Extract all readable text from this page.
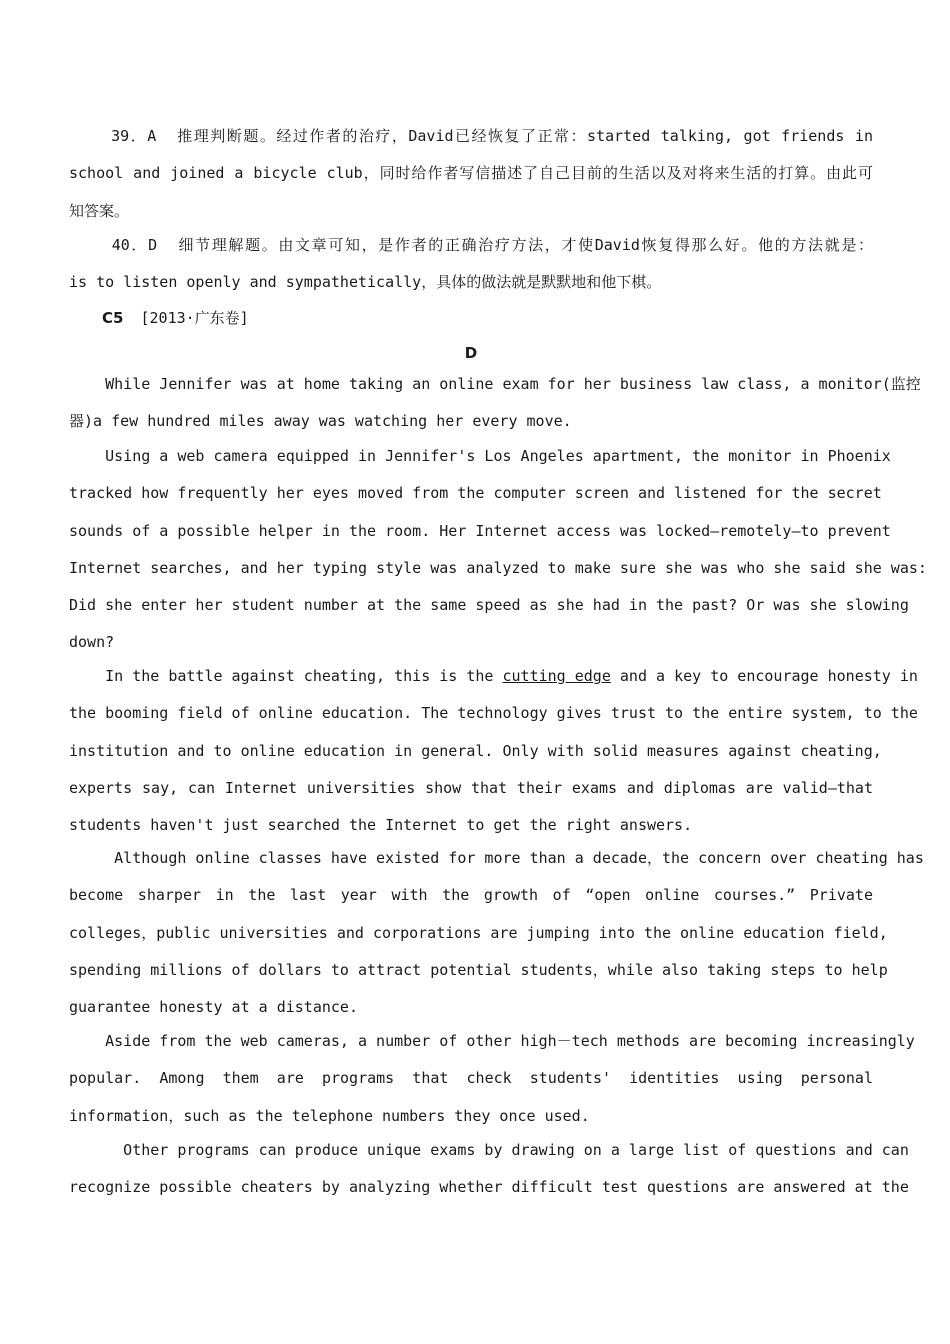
39．A  推理判断题。经过作者的治疗，David已经恢复了正常：started talking, got friends in
school and joined a bicycle club，同时给作者写信描述了自己目前的生活以及对将来生活的打算。由此可
知答案。
40．D  细节理解题。由文章可知，是作者的正确治疗方法，才使David恢复得那么好。他的方法就是：
is to listen openly and sympathetically，具体的做法就是默默地和他下棋。
C5 [2013·广东卷]
D
While Jennifer was at home taking an online exam for her business law class, a monitor(监控
器)a few hundred miles away was watching her every move.
Using a web camera equipped in Jennifer's Los Angeles apartment, the monitor in Phoenix
tracked how frequently her eyes moved from the computer screen and listened for the secret
sounds of a possible helper in the room. Her Internet access was locked—remotely—to prevent
Internet searches, and her typing style was analyzed to make sure she was who she said she was:
Did she enter her student number at the same speed as she had in the past? Or was she slowing
down?
In the battle against cheating, this is the cutting edge and a key to encourage honesty in
the booming field of online education. The technology gives trust to the entire system, to the
institution and to online education in general. Only with solid measures against cheating,
experts say, can Internet universities show that their exams and diplomas are valid—that
students haven't just searched the Internet to get the right answers.
Although online classes have existed for more than a decade，the concern over cheating has
become sharper in the last year with the growth of “open online courses.” Private
colleges，public universities and corporations are jumping into the online education field,
spending millions of dollars to attract potential students，while also taking steps to help
guarantee honesty at a distance.
Aside from the web cameras, a number of other high－tech methods are becoming increasingly
popular. Among them are programs that check students' identities using personal
information，such as the telephone numbers they once used.
Other programs can produce unique exams by drawing on a large list of questions and can
recognize possible cheaters by analyzing whether difficult test questions are answered at the
